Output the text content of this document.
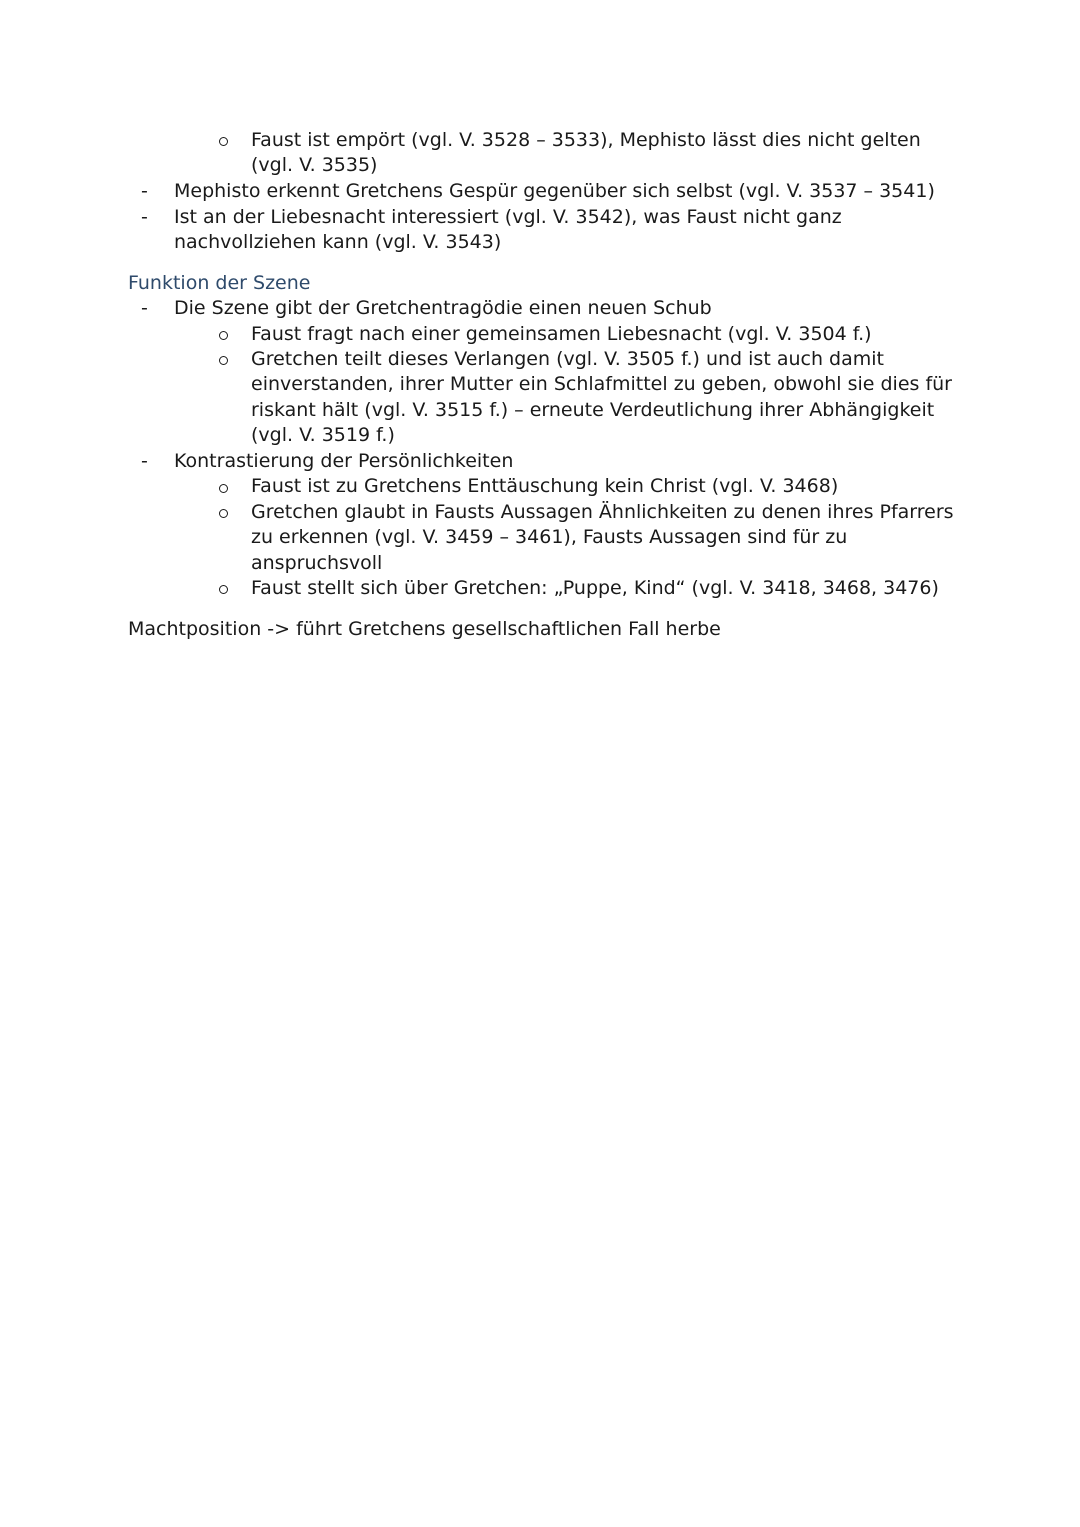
Faust ist empört (vgl. V. 3528 – 3533), Mephisto lässt dies nicht gelten
(vgl. V. 3535)
- Mephisto erkennt Gretchens Gespür gegenüber sich selbst (vgl. V. 3537 – 3541)
- Ist an der Liebesnacht interessiert (vgl. V. 3542), was Faust nicht ganz
nachvollziehen kann (vgl. V. 3543)
Funktion der Szene
- Die Szene gibt der Gretchentragödie einen neuen Schub
Faust fragt nach einer gemeinsamen Liebesnacht (vgl. V. 3504 f.)
Gretchen teilt dieses Verlangen (vgl. V. 3505 f.) und ist auch damit
einverstanden, ihrer Mutter ein Schlafmittel zu geben, obwohl sie dies für
riskant hält (vgl. V. 3515 f.) – erneute Verdeutlichung ihrer Abhängigkeit
(vgl. V. 3519 f.)
- Kontrastierung der Persönlichkeiten
Faust ist zu Gretchens Enttäuschung kein Christ (vgl. V. 3468)
Gretchen glaubt in Fausts Aussagen Ähnlichkeiten zu denen ihres Pfarrers
zu erkennen (vgl. V. 3459 – 3461), Fausts Aussagen sind für zu
anspruchsvoll
Faust stellt sich über Gretchen: „Puppe, Kind“ (vgl. V. 3418, 3468, 3476)
Machtposition -> führt Gretchens gesellschaftlichen Fall herbe
